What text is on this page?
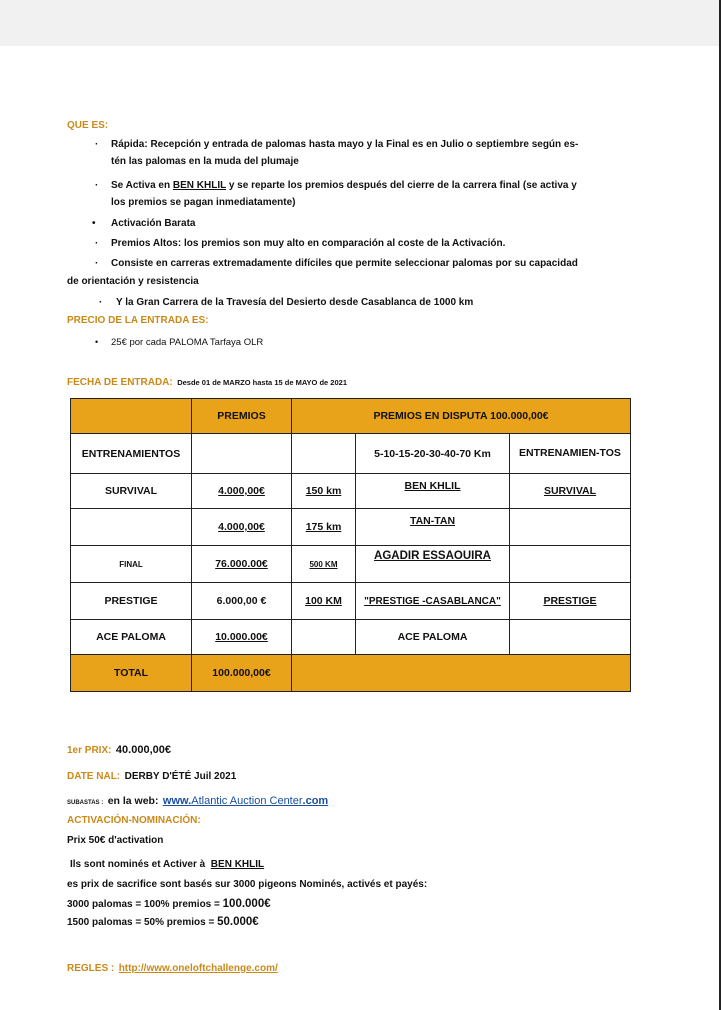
QUE ES:
· Rápida: Recepción y entrada de palomas hasta mayo y la Final es en Julio o septiembre según es-
tén las palomas en la muda del plumaje
· Se Activa en BEN KHLIL y se reparte los premios después del cierre de la carrera final (se activa y
los premios se pagan inmediatamente)
• Activación Barata
· Premios Altos: los premios son muy alto en comparación al coste de la Activación.
· Consiste en carreras extremadamente difíciles que permite seleccionar palomas por su capacidad
de orientación y resistencia
· Y la Gran Carrera de la Travesía del Desierto desde Casablanca de 1000 km
PRECIO DE LA ENTRADA ES:
• 25€ por cada PALOMA Tarfaya OLR
FECHA DE ENTRADA: Desde 01 de MARZO hasta 15 de MAYO de 2021
	PREMIOS	PREMIOS EN DISPUTA 100.000,00€		
ENTRENAMIENTOS			5-10-15-20-30-40-70 Km	ENTRENAMIEN-TOS
SURVIVAL	4.000,00€	150 km	BEN KHLIL	SURVIVAL
	4.000,00€	175 km	TAN-TAN	
FINAL	76.000.00€	500 KM	AGADIR ESSAOUIRA	
PRESTIGE	6.000,00 €	100 KM	"PRESTIGE -CASABLANCA"	PRESTIGE
ACE PALOMA	10.000.00€		ACE PALOMA	
TOTAL	100.000,00€			
1er PRIX: 40.000,00€
DATE NAL: DERBY D'ÉTÉ Juil 2021
SUBASTAS : en la web: www.Atlantic Auction Center.com
ACTIVACIÓN-NOMINACIÓN:
Prix 50€ d'activation
Ils sont nominés et Activer à BEN KHLIL
es prix de sacrifice sont basés sur 3000 pigeons Nominés, activés et payés:
3000 palomas = 100% premios = 100.000€
1500 palomas = 50% premios = 50.000€
REGLES : http://www.oneloftchallenge.com/
